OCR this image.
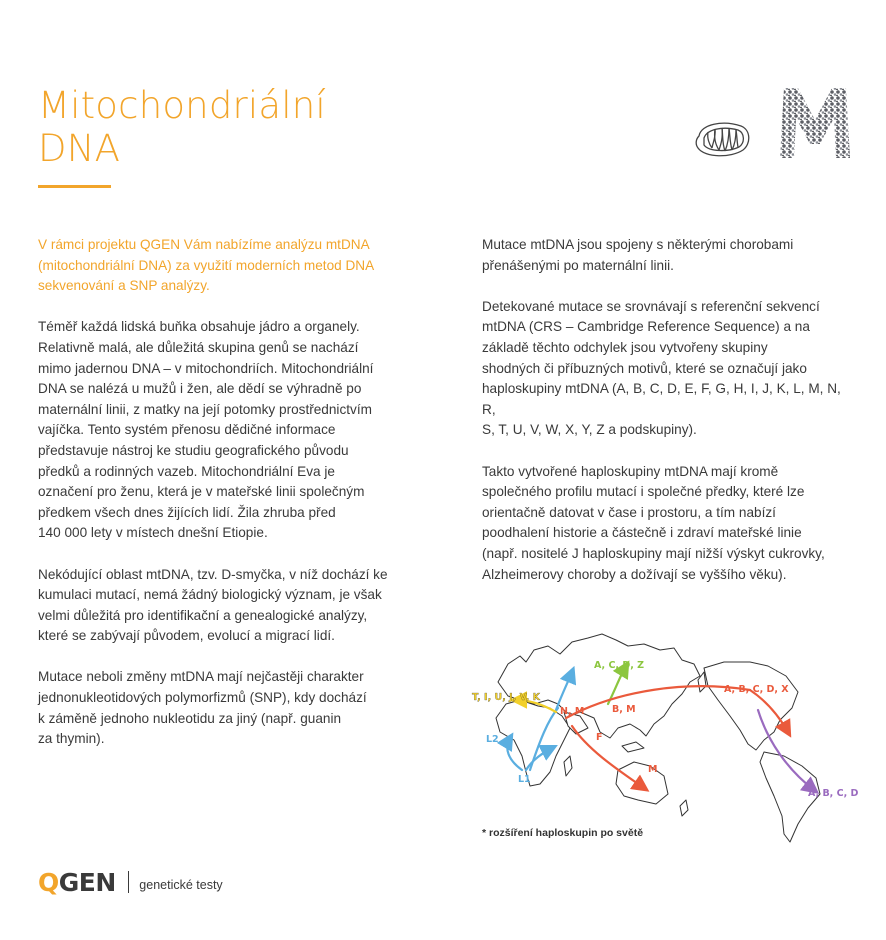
Mitochondriální
DNA

V rámci projektu QGEN Vám nabízíme analýzu mtDNA
(mitochondriální DNA) za využití moderních metod DNA
sekvenování a SNP analýzy.

Téměř každá lidská buňka obsahuje jádro a organely.
Relativně malá, ale důležitá skupina genů se nachází
mimo jadernou DNA – v mitochondriích. Mitochondriální
DNA se nalézá u mužů i žen, ale dědí se výhradně po
maternální linii, z matky na její potomky prostřednictvím
vajíčka. Tento systém přenosu dědičné informace
představuje nástroj ke studiu geografického původu
předků a rodinných vazeb. Mitochondriální Eva je
označení pro ženu, která je v mateřské linii společným
předkem všech dnes žijících lidí. Žila zhruba před
140 000 lety v místech dnešní Etiopie.

Nekódující oblast mtDNA, tzv. D-smyčka, v níž dochází ke
kumulaci mutací, nemá žádný biologický význam, je však
velmi důležitá pro identifikační a genealogické analýzy,
které se zabývají původem, evolucí a migrací lidí.

Mutace neboli změny mtDNA mají nejčastěji charakter
jednonukleotidových polymorfizmů (SNP), kdy dochází
k záměně jednoho nukleotidu za jiný (např. guanin
za thymin).

Mutace mtDNA jsou spojeny s některými chorobami
přenášenými po maternální linii.

Detekované mutace se srovnávají s referenční sekvencí
mtDNA (CRS – Cambridge Reference Sequence) a na
základě těchto odchylek jsou vytvořeny skupiny
shodných či příbuzných motivů, které se označují jako
haploskupiny mtDNA (A, B, C, D, E, F, G, H, I, J, K, L, M, N, R,
S, T, U, V, W, X, Y, Z a podskupiny).

Takto vytvořené haploskupiny mtDNA mají kromě
společného profilu mutací i společné předky, které lze
orientačně datovat v čase i prostoru, a tím nabízí
poodhalení historie a částečně i zdraví mateřské linie
(např. nositelé J haploskupiny mají nižší výskyt cukrovky,
Alzheimerovy choroby a dožívají se vyššího věku).

A, C, D, Z
T, I, U, J, V, K
N, M	B, M
A, B, C, D, X
L2	F
M
L1
A, B, C, D
* rozšíření haploskupin po světě
QGEN genetické testy
